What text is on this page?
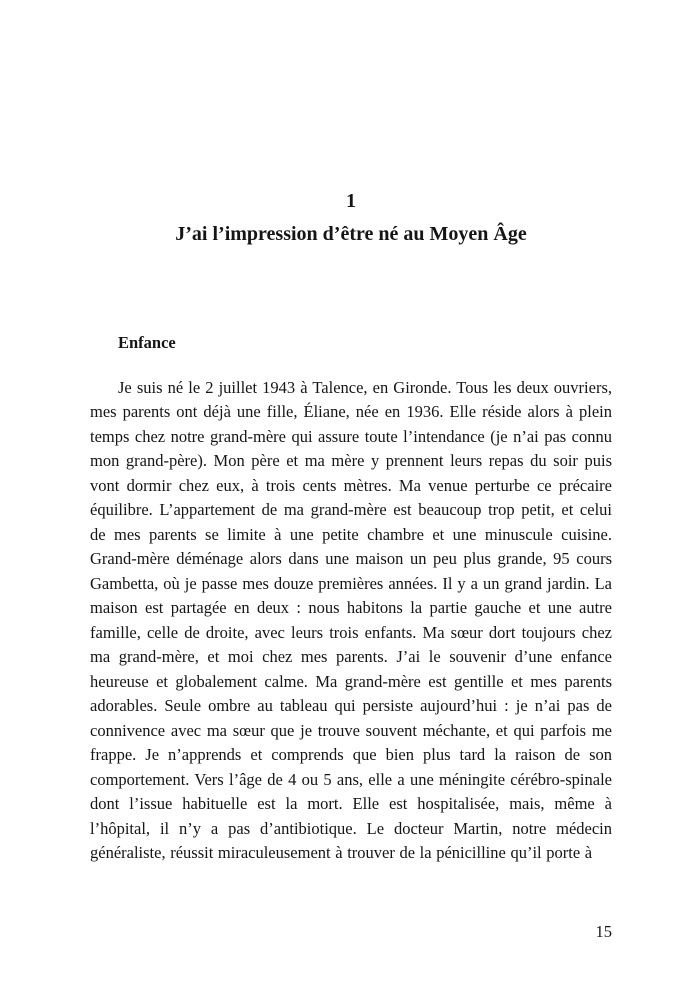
1
J’ai l’impression d’être né au Moyen Âge
Enfance
Je suis né le 2 juillet 1943 à Talence, en Gironde. Tous les deux ouvriers, mes parents ont déjà une fille, Éliane, née en 1936. Elle réside alors à plein temps chez notre grand-mère qui assure toute l’intendance (je n’ai pas connu mon grand-père). Mon père et ma mère y prennent leurs repas du soir puis vont dormir chez eux, à trois cents mètres. Ma venue perturbe ce précaire équilibre. L’appartement de ma grand-mère est beaucoup trop petit, et celui de mes parents se limite à une petite chambre et une minuscule cuisine. Grand-mère déménage alors dans une maison un peu plus grande, 95 cours Gambetta, où je passe mes douze premières années. Il y a un grand jardin. La maison est partagée en deux : nous habitons la partie gauche et une autre famille, celle de droite, avec leurs trois enfants. Ma sœur dort toujours chez ma grand-mère, et moi chez mes parents. J’ai le souvenir d’une enfance heureuse et globalement calme. Ma grand-mère est gentille et mes parents adorables. Seule ombre au tableau qui persiste aujourd’hui : je n’ai pas de connivence avec ma sœur que je trouve souvent méchante, et qui parfois me frappe. Je n’apprends et comprends que bien plus tard la raison de son comportement. Vers l’âge de 4 ou 5 ans, elle a une méningite cérébro-spinale dont l’issue habituelle est la mort. Elle est hospitalisée, mais, même à l’hôpital, il n’y a pas d’antibiotique. Le docteur Martin, notre médecin généraliste, réussit miraculeusement à trouver de la pénicilline qu’il porte à
15
